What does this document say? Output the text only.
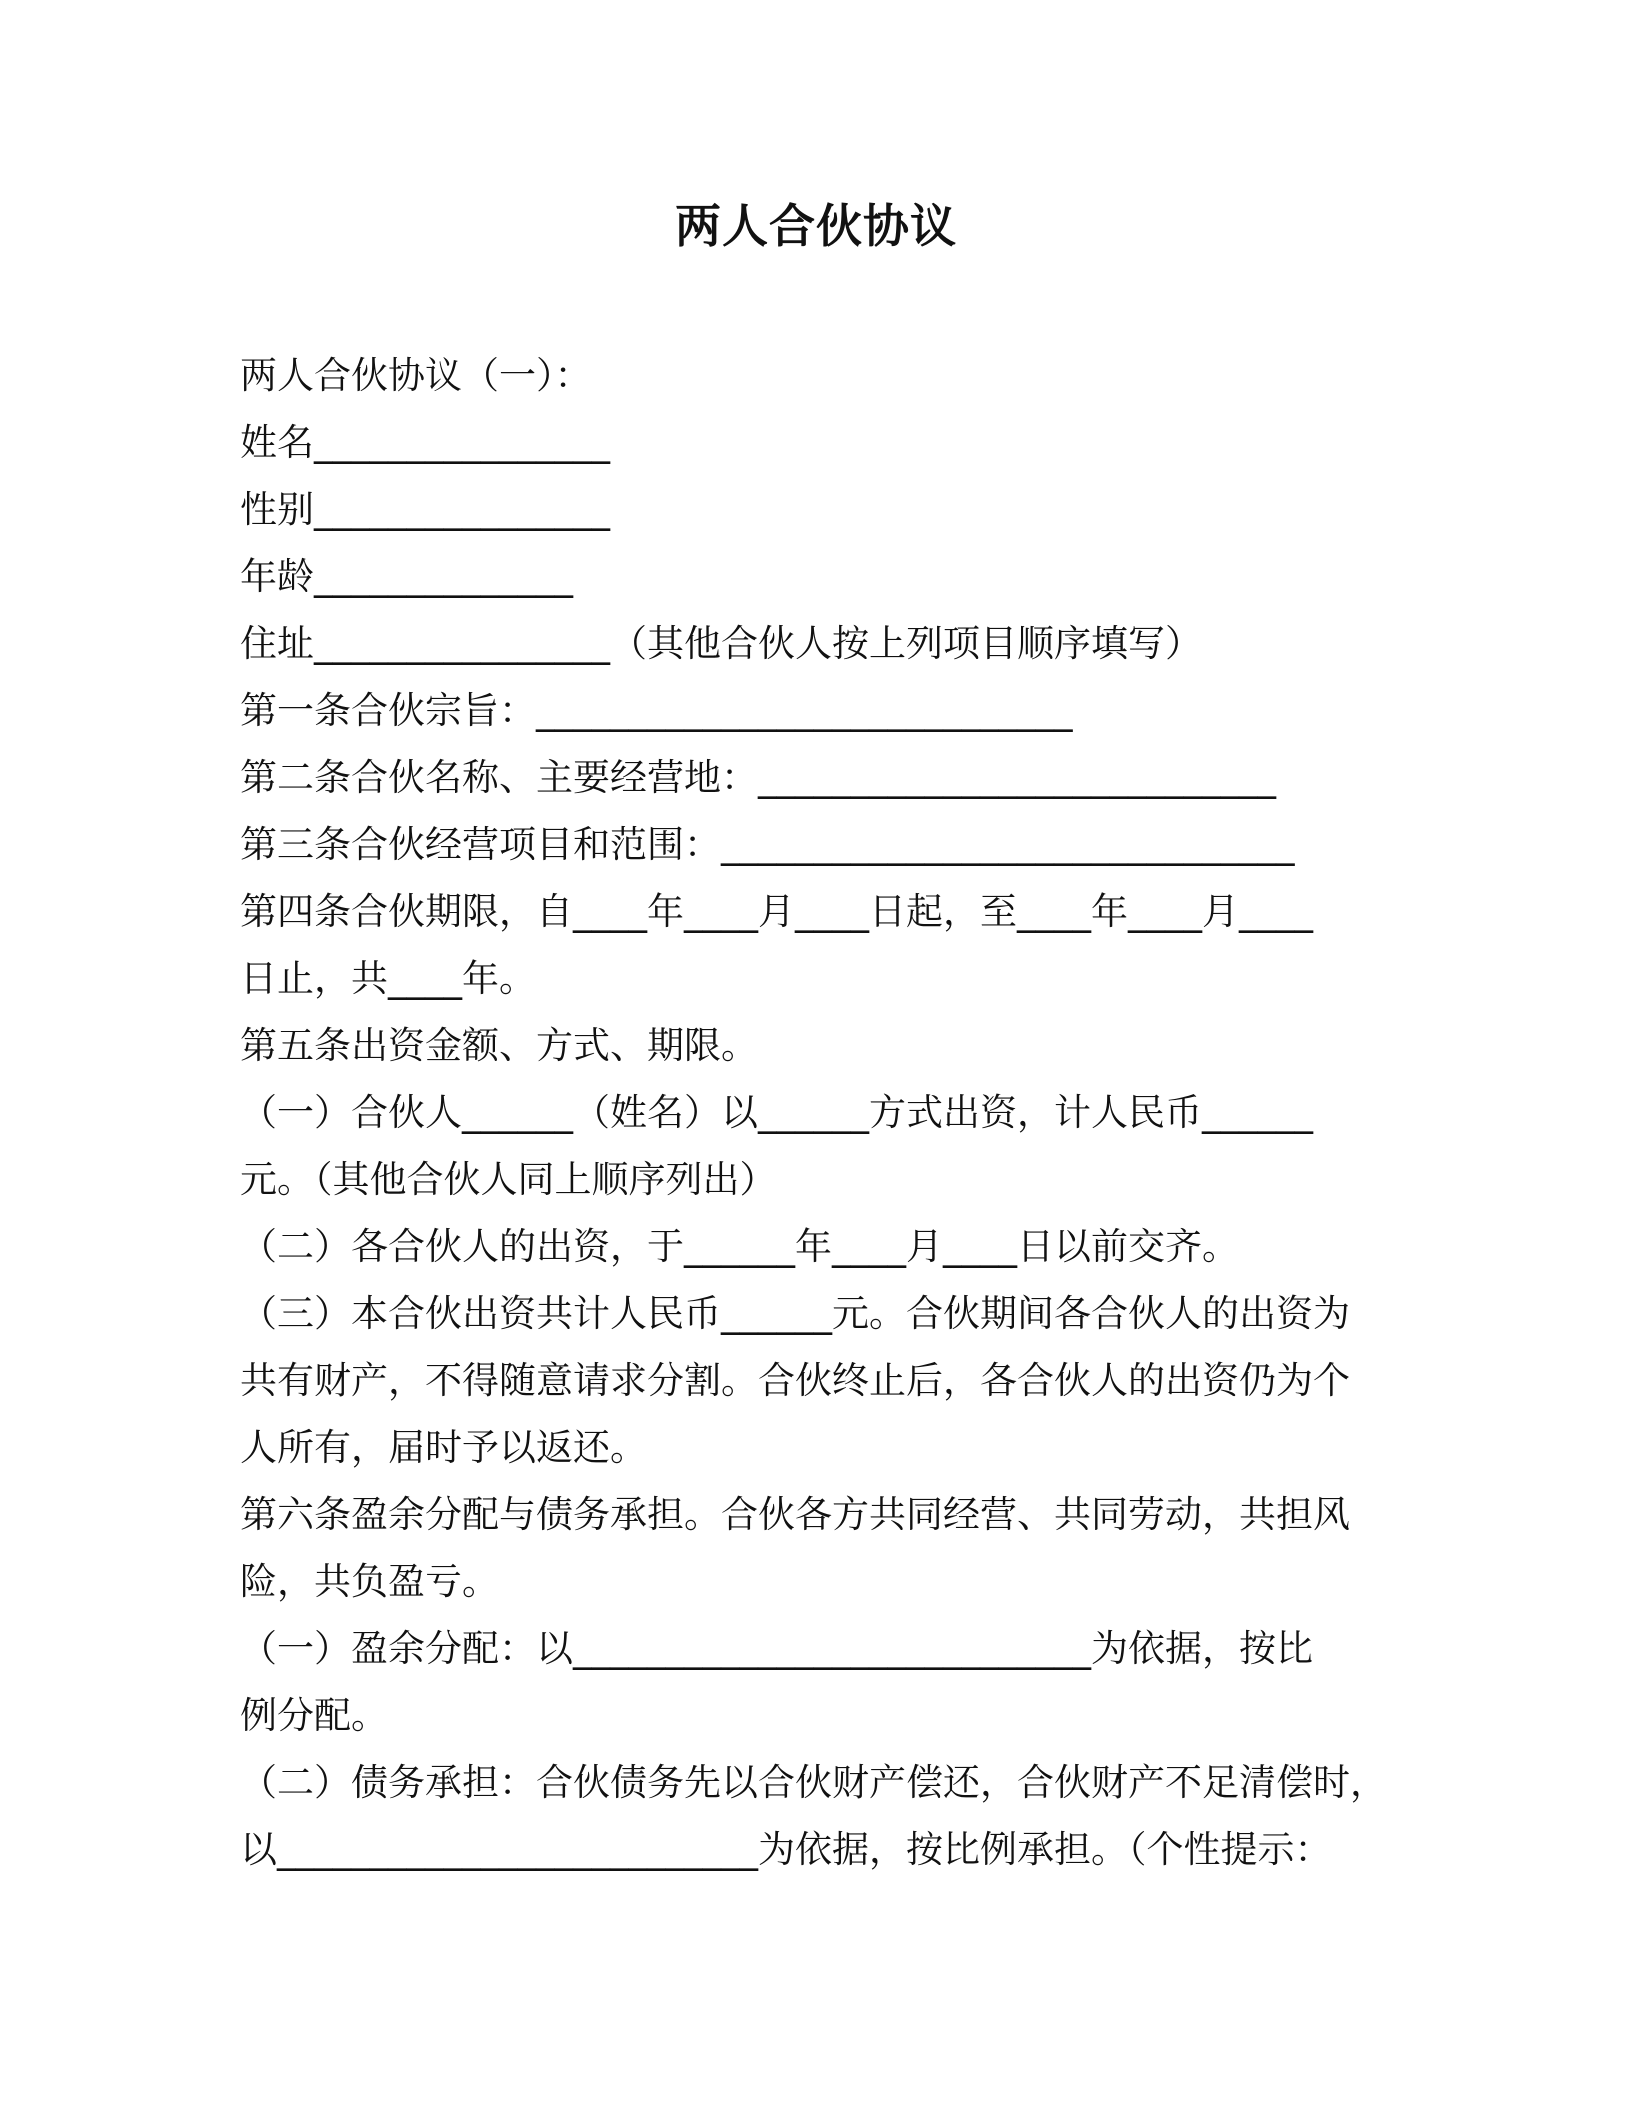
两人合伙协议
两人合伙协议（一）：
姓名________________
性别________________
年龄______________
住址________________（其他合伙人按上列项目顺序填写）
第一条合伙宗旨：_____________________________
第二条合伙名称、主要经营地：____________________________
第三条合伙经营项目和范围：_______________________________
第四条合伙期限，自____年____月____日起，至____年____月____
日止，共____年。
第五条出资金额、方式、期限。
（一）合伙人______（姓名）以______方式出资，计人民币______
元。（其他合伙人同上顺序列出）
（二）各合伙人的出资，于______年____月____日以前交齐。
（三）本合伙出资共计人民币______元。合伙期间各合伙人的出资为
共有财产，不得随意请求分割。合伙终止后，各合伙人的出资仍为个
人所有，届时予以返还。
第六条盈余分配与债务承担。合伙各方共同经营、共同劳动，共担风
险，共负盈亏。
（一）盈余分配：以____________________________为依据，按比
例分配。
（二）债务承担：合伙债务先以合伙财产偿还，合伙财产不足清偿时，
以__________________________为依据，按比例承担。（个性提示：
